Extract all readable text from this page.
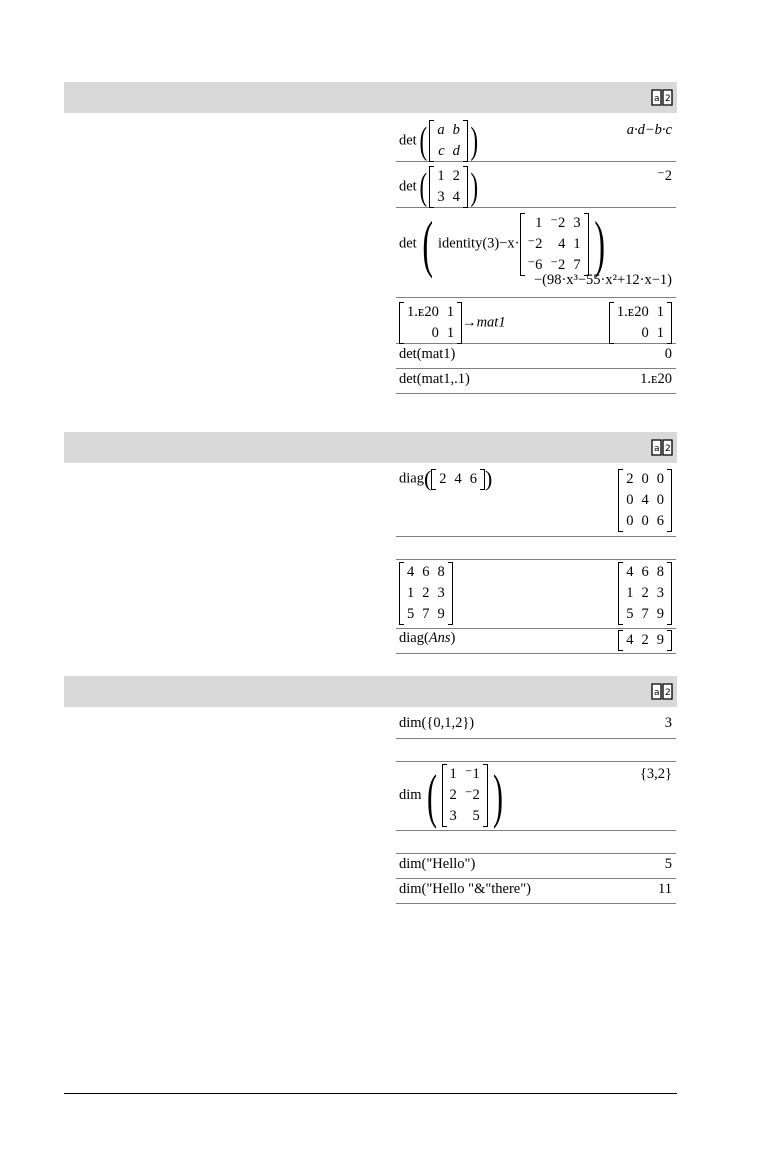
a 2
a 2
a 2
det( a	b
c	d )	a·d−b·c
det( 1	2
3	4 )	⁻2
det( identity(3)−x·
1	⁻2	3
⁻2	4	1
⁻6	⁻2	7 )
−(98·x³−55·x²+12·x−1)
1.ᴇ20	1
0	1
→mat1
1.ᴇ20	1
0	1
det(mat1)	0
det(mat1,.1)	1.ᴇ20
diag( 2	4	6 )	2	0	0
0	4	0
0	0	6
4	6	8
1	2	3
5	7	9
4	6	8
1	2	3
5	7	9
diag(Ans)	4	2	9
dim({0,1,2})	3
dim( 1	⁻1
2	⁻2
3	5 )	{3,2}
dim("Hello")	5
dim("Hello "&"there")	11
